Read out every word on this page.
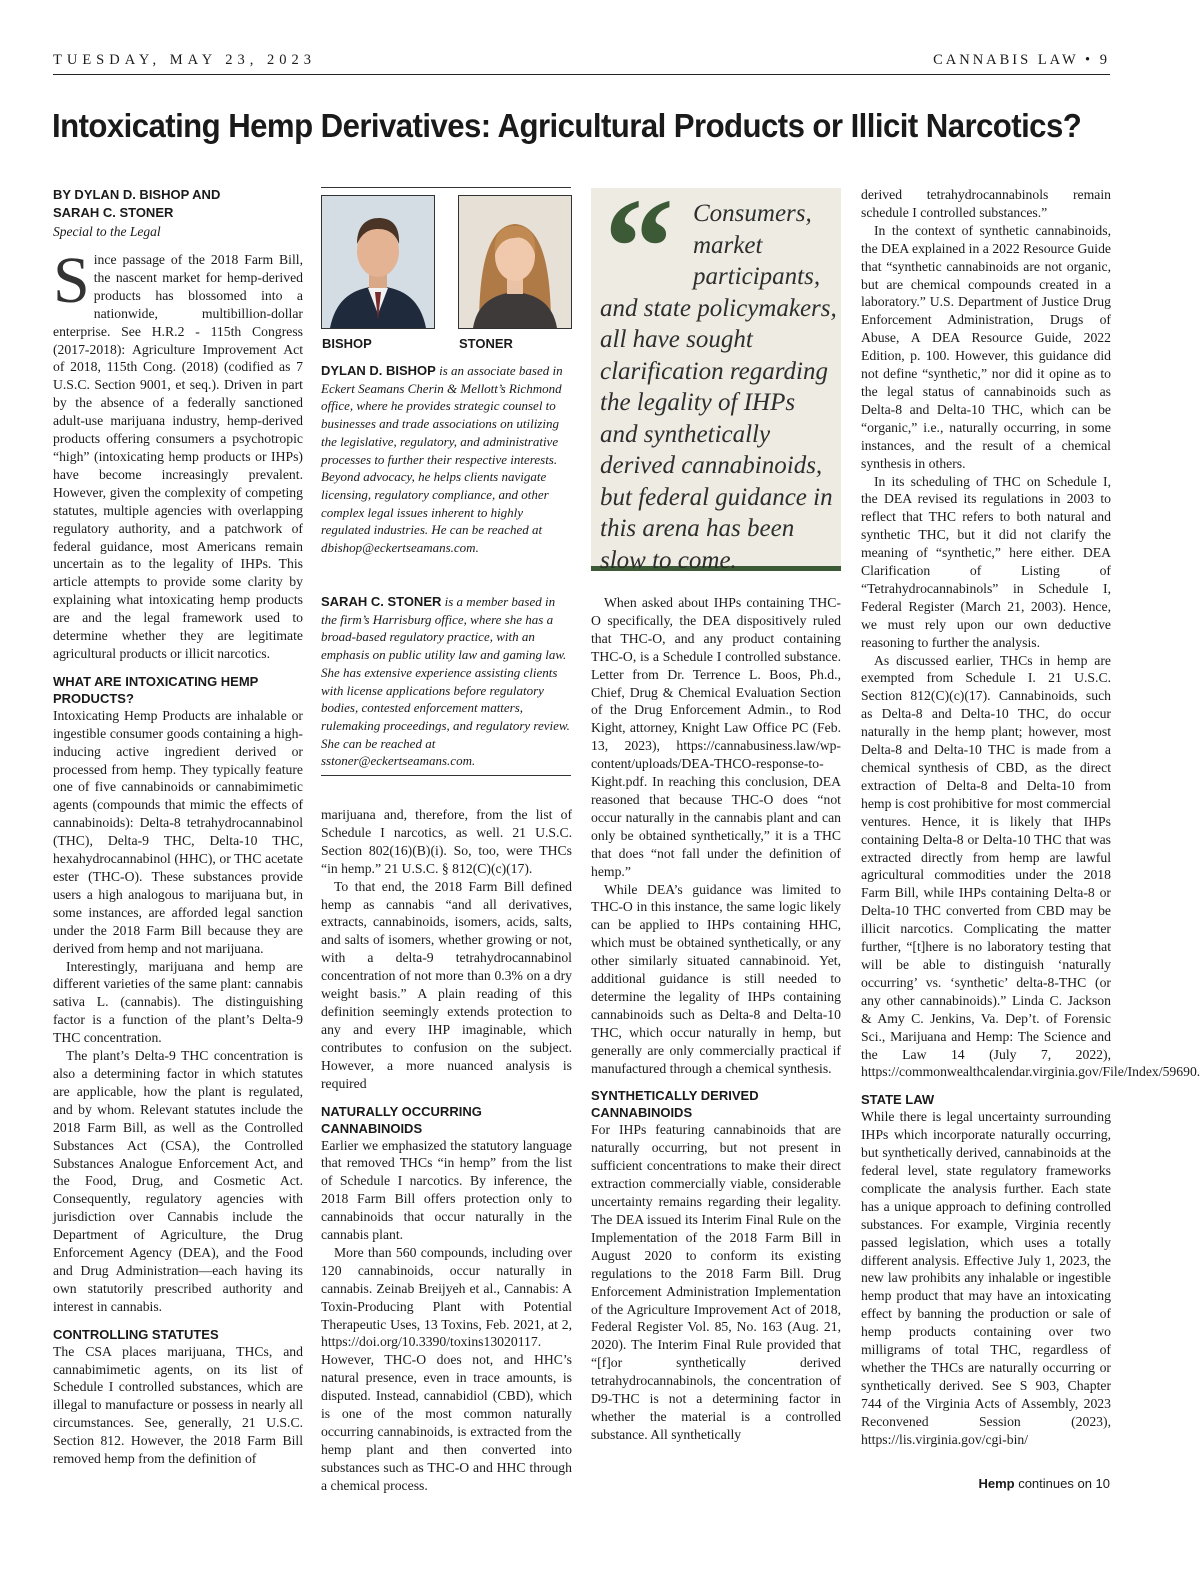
TUESDAY, MAY 23, 2023	CANNABIS LAW • 9
Intoxicating Hemp Derivatives: Agricultural Products or Illicit Narcotics?
BY DYLAN D. BISHOP AND
SARAH C. STONER
Special to the Legal

Since passage of the 2018 Farm Bill, the nascent market for hemp-derived products has blossomed into a nationwide, multibillion-dollar enterprise. See H.R.2 - 115th Congress (2017-2018): Agriculture Improvement Act of 2018, 115th Cong. (2018) (codified as 7 U.S.C. Section 9001, et seq.). Driven in part by the absence of a federally sanctioned adult-use marijuana industry, hemp-derived products offering consumers a psychotropic “high” (intoxicating hemp products or IHPs) have become increasingly prevalent. However, given the complexity of competing statutes, multiple agencies with overlapping regulatory authority, and a patchwork of federal guidance, most Americans remain uncertain as to the legality of IHPs. This article attempts to provide some clarity by explaining what intoxicating hemp products are and the legal framework used to determine whether they are legitimate agricultural products or illicit narcotics.

WHAT ARE INTOXICATING HEMP PRODUCTS?

Intoxicating Hemp Products are inhalable or ingestible consumer goods containing a high-inducing active ingredient derived or processed from hemp. They typically feature one of five cannabinoids or cannabimimetic agents (compounds that mimic the effects of cannabinoids): Delta-8 tetrahydrocannabinol (THC), Delta-9 THC, Delta-10 THC, hexahydrocannabinol (HHC), or THC acetate ester (THC-O). These substances provide users a high analogous to marijuana but, in some instances, are afforded legal sanction under the 2018 Farm Bill because they are derived from hemp and not marijuana.

Interestingly, marijuana and hemp are different varieties of the same plant: cannabis sativa L. (cannabis). The distinguishing factor is a function of the plant’s Delta-9 THC concentration.

The plant’s Delta-9 THC concentration is also a determining factor in which statutes are applicable, how the plant is regulated, and by whom. Relevant statutes include the 2018 Farm Bill, as well as the Controlled Substances Act (CSA), the Controlled Substances Analogue Enforcement Act, and the Food, Drug, and Cosmetic Act. Consequently, regulatory agencies with jurisdiction over Cannabis include the Department of Agriculture, the Drug Enforcement Agency (DEA), and the Food and Drug Administration—each having its own statutorily prescribed authority and interest in cannabis.

CONTROLLING STATUTES

The CSA places marijuana, THCs, and cannabimimetic agents, on its list of Schedule I controlled substances, which are illegal to manufacture or possess in nearly all circumstances. See, generally, 21 U.S.C. Section 812. However, the 2018 Farm Bill removed hemp from the definition of

BISHOP	STONER
DYLAN D. BISHOP is an associate based in Eckert Seamans Cherin & Mellott’s Richmond office, where he provides strategic counsel to businesses and trade associations on utilizing the legislative, regulatory, and administrative processes to further their respective interests. Beyond advocacy, he helps clients navigate licensing, regulatory compliance, and other complex legal issues inherent to highly regulated industries. He can be reached at dbishop@eckertseamans.com.
SARAH C. STONER is a member based in the firm’s Harrisburg office, where she has a broad-based regulatory practice, with an emphasis on public utility law and gaming law. She has extensive experience assisting clients with license applications before regulatory bodies, contested enforcement matters, rulemaking proceedings, and regulatory review. She can be reached at sstoner@eckertseamans.com.
“ Consumers,
market
participants,
and state policymakers, all have sought clarification regarding the legality of IHPs and synthetically derived cannabinoids, but federal guidance in this arena has been slow to come.

marijuana and, therefore, from the list of Schedule I narcotics, as well. 21 U.S.C. Section 802(16)(B)(i). So, too, were THCs “in hemp.” 21 U.S.C. § 812(C)(c)(17).

To that end, the 2018 Farm Bill defined hemp as cannabis “and all derivatives, extracts, cannabinoids, isomers, acids, salts, and salts of isomers, whether growing or not, with a delta-9 tetrahydrocannabinol concentration of not more than 0.3% on a dry weight basis.” A plain reading of this definition seemingly extends protection to any and every IHP imaginable, which contributes to confusion on the subject. However, a more nuanced analysis is required

NATURALLY OCCURRING CANNABINOIDS

Earlier we emphasized the statutory language that removed THCs “in hemp” from the list of Schedule I narcotics. By inference, the 2018 Farm Bill offers protection only to cannabinoids that occur naturally in the cannabis plant.

More than 560 compounds, including over 120 cannabinoids, occur naturally in cannabis. Zeinab Breijyeh et al., Cannabis: A Toxin-Producing Plant with Potential Therapeutic Uses, 13 Toxins, Feb. 2021, at 2, https://doi.org/10.3390/toxins13020117. However, THC-O does not, and HHC’s natural presence, even in trace amounts, is disputed. Instead, cannabidiol (CBD), which is one of the most common naturally occurring cannabinoids, is extracted from the hemp plant and then converted into substances such as THC-O and HHC through a chemical process.

When asked about IHPs containing THC-O specifically, the DEA dispositively ruled that THC-O, and any product containing THC-O, is a Schedule I controlled substance. Letter from Dr. Terrence L. Boos, Ph.d., Chief, Drug & Chemical Evaluation Section of the Drug Enforcement Admin., to Rod Kight, attorney, Knight Law Office PC (Feb. 13, 2023), https://cannabusiness.law/wp-content/uploads/DEA-THCO-response-to-Kight.pdf. In reaching this conclusion, DEA reasoned that because THC-O does “not occur naturally in the cannabis plant and can only be obtained synthetically,” it is a THC that does “not fall under the definition of hemp.”

While DEA’s guidance was limited to THC-O in this instance, the same logic likely can be applied to IHPs containing HHC, which must be obtained synthetically, or any other similarly situated cannabinoid. Yet, additional guidance is still needed to determine the legality of IHPs containing cannabinoids such as Delta-8 and Delta-10 THC, which occur naturally in hemp, but generally are only commercially practical if manufactured through a chemical synthesis.

SYNTHETICALLY DERIVED CANNABINOIDS

For IHPs featuring cannabinoids that are naturally occurring, but not present in sufficient concentrations to make their direct extraction commercially viable, considerable uncertainty remains regarding their legality. The DEA issued its Interim Final Rule on the Implementation of the 2018 Farm Bill in August 2020 to conform its existing regulations to the 2018 Farm Bill. Drug Enforcement Administration Implementation of the Agriculture Improvement Act of 2018, Federal Register Vol. 85, No. 163 (Aug. 21, 2020). The Interim Final Rule provided that “[f]or synthetically derived tetrahydrocannabinols, the concentration of D9-THC is not a determining factor in whether the material is a controlled substance. All synthetically

derived tetrahydrocannabinols remain schedule I controlled substances.”

In the context of synthetic cannabinoids, the DEA explained in a 2022 Resource Guide that “synthetic cannabinoids are not organic, but are chemical compounds created in a laboratory.” U.S. Department of Justice Drug Enforcement Administration, Drugs of Abuse, A DEA Resource Guide, 2022 Edition, p. 100. However, this guidance did not define “synthetic,” nor did it opine as to the legal status of cannabinoids such as Delta-8 and Delta-10 THC, which can be “organic,” i.e., naturally occurring, in some instances, and the result of a chemical synthesis in others.

In its scheduling of THC on Schedule I, the DEA revised its regulations in 2003 to reflect that THC refers to both natural and synthetic THC, but it did not clarify the meaning of “synthetic,” here either. DEA Clarification of Listing of “Tetrahydrocannabinols” in Schedule I, Federal Register (March 21, 2003). Hence, we must rely upon our own deductive reasoning to further the analysis.

As discussed earlier, THCs in hemp are exempted from Schedule I. 21 U.S.C. Section 812(C)(c)(17). Cannabinoids, such as Delta-8 and Delta-10 THC, do occur naturally in the hemp plant; however, most Delta-8 and Delta-10 THC is made from a chemical synthesis of CBD, as the direct extraction of Delta-8 and Delta-10 from hemp is cost prohibitive for most commercial ventures. Hence, it is likely that IHPs containing Delta-8 or Delta-10 THC that was extracted directly from hemp are lawful agricultural commodities under the 2018 Farm Bill, while IHPs containing Delta-8 or Delta-10 THC converted from CBD may be illicit narcotics. Complicating the matter further, “[t]here is no laboratory testing that will be able to distinguish ‘naturally occurring’ vs. ‘synthetic’ delta-8-THC (or any other cannabinoids).” Linda C. Jackson & Amy C. Jenkins, Va. Dep’t. of Forensic Sci., Marijuana and Hemp: The Science and the Law 14 (July 7, 2022), https://commonwealthcalendar.virginia.gov/File/Index/59690.

STATE LAW

While there is legal uncertainty surrounding IHPs which incorporate naturally occurring, but synthetically derived, cannabinoids at the federal level, state regulatory frameworks complicate the analysis further. Each state has a unique approach to defining controlled substances. For example, Virginia recently passed legislation, which uses a totally different analysis. Effective July 1, 2023, the new law prohibits any inhalable or ingestible hemp product that may have an intoxicating effect by banning the production or sale of hemp products containing over two milligrams of total THC, regardless of whether the THCs are naturally occurring or synthetically derived. See S 903, Chapter 744 of the Virginia Acts of Assembly, 2023 Reconvened Session (2023), https://lis.virginia.gov/cgi-bin/

Hemp continues on 10
